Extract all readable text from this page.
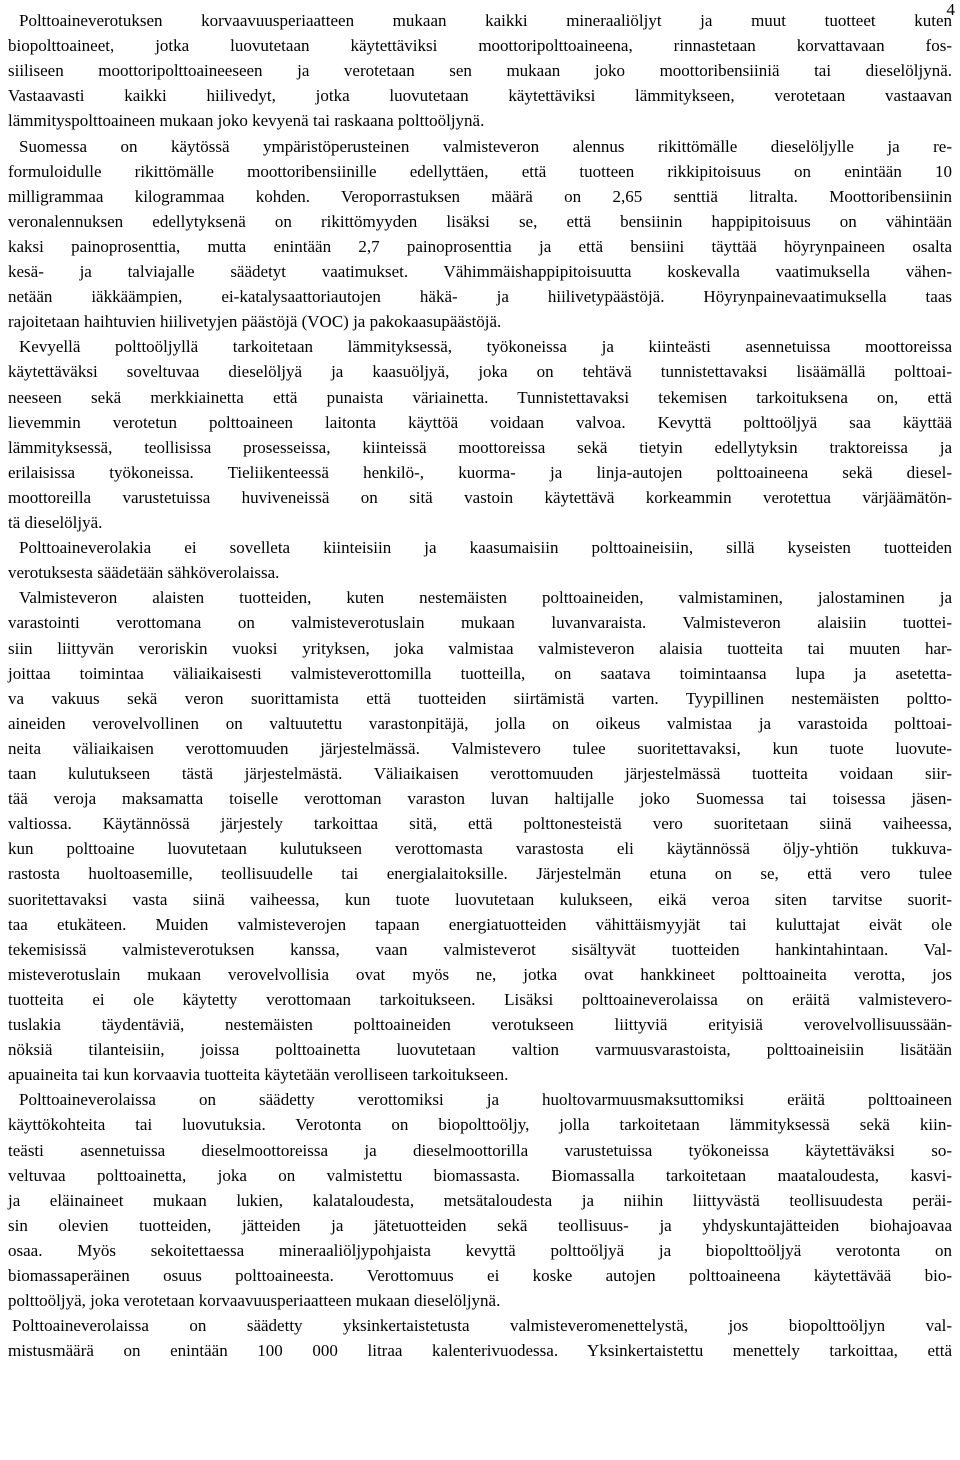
4
Polttoaineverotuksen korvaavuusperiaatteen mukaan kaikki mineraaliöljyt ja muut tuotteet kuten
biopolttoaineet, jotka luovutetaan käytettäviksi moottoripolttoaineena, rinnastetaan korvattavaan fos-
siiliseen moottoripolttoaineeseen ja verotetaan sen mukaan joko moottoribensiiniä tai dieselöljynä.
Vastaavasti kaikki hiilivedyt, jotka luovutetaan käytettäviksi lämmitykseen, verotetaan vastaavan
lämmityspolttoaineen mukaan joko kevyenä tai raskaana polttoöljynä.
Suomessa on käytössä ympäristöperusteinen valmisteveron alennus rikittömälle dieselöljylle ja re-
formuloidulle rikittömälle moottoribensiinille edellyttäen, että tuotteen rikkipitoisuus on enintään 10
milligrammaa kilogrammaa kohden. Veroporrastuksen määrä on 2,65 senttiä litralta. Moottoribensiinin
veronalennuksen edellytyksenä on rikittömyyden lisäksi se, että bensiinin happipitoisuus on vähintään
kaksi painoprosenttia, mutta enintään 2,7 painoprosenttia ja että bensiini täyttää höyrynpaineen osalta
kesä- ja talviajalle säädetyt vaatimukset. Vähimmäishappipitoisuutta koskevalla vaatimuksella vähen-
netään iäkkäämpien, ei-katalysaattoriautojen häkä- ja hiilivetypäästöjä. Höyrynpainevaatimuksella taas
rajoitetaan haihtuvien hiilivetyjen päästöjä (VOC) ja pakokaasupäästöjä.
Kevyellä polttoöljyllä tarkoitetaan lämmityksessä, työkoneissa ja kiinteästi asennetuissa moottoreissa
käytettäväksi soveltuvaa dieselöljyä ja kaasuöljyä, joka on tehtävä tunnistettavaksi lisäämällä polttoai-
neeseen sekä merkkiainetta että punaista väriainetta. Tunnistettavaksi tekemisen tarkoituksena on, että
lievemmin verotetun polttoaineen laitonta käyttöä voidaan valvoa. Kevyttä polttoöljyä saa käyttää
lämmityksessä, teollisissa prosesseissa, kiinteissä moottoreissa sekä tietyin edellytyksin traktoreissa ja
erilaisissa työkoneissa. Tieliikenteessä henkilö-, kuorma- ja linja-autojen polttoaineena sekä diesel-
moottoreilla varustetuissa huviveneissä on sitä vastoin käytettävä korkeammin verotettua värjäämätön-
tä dieselöljyä.
Polttoaineverolakia ei sovelleta kiinteisiin ja kaasumaisiin polttoaineisiin, sillä kyseisten tuotteiden
verotuksesta säädetään sähköverolaissa.
Valmisteveron alaisten tuotteiden, kuten nestemäisten polttoaineiden, valmistaminen, jalostaminen ja
varastointi verottomana on valmisteverotuslain mukaan luvanvaraista. Valmisteveron alaisiin tuottei-
siin liittyvän veroriskin vuoksi yrityksen, joka valmistaa valmisteveron alaisia tuotteita tai muuten har-
joittaa toimintaa väliaikaisesti valmisteverottomilla tuotteilla, on saatava toimintaansa lupa ja asetetta-
va vakuus sekä veron suorittamista että tuotteiden siirtämistä varten. Tyypillinen nestemäisten poltto-
aineiden verovelvollinen on valtuutettu varastonpitäjä, jolla on oikeus valmistaa ja varastoida polttoai-
neita väliaikaisen verottomuuden järjestelmässä. Valmistevero tulee suoritettavaksi, kun tuote luovute-
taan kulutukseen tästä järjestelmästä. Väliaikaisen verottomuuden järjestelmässä tuotteita voidaan siir-
tää veroja maksamatta toiselle verottoman varaston luvan haltijalle joko Suomessa tai toisessa jäsen-
valtiossa. Käytännössä järjestely tarkoittaa sitä, että polttonesteistä vero suoritetaan siinä vaiheessa,
kun polttoaine luovutetaan kulutukseen verottomasta varastosta eli käytännössä öljy-yhtiön tukkuva-
rastosta huoltoasemille, teollisuudelle tai energialaitoksille. Järjestelmän etuna on se, että vero tulee
suoritettavaksi vasta siinä vaiheessa, kun tuote luovutetaan kulukseen, eikä veroa siten tarvitse suorit-
taa etukäteen. Muiden valmisteverojen tapaan energiatuotteiden vähittäismyyjät tai kuluttajat eivät ole
tekemisissä valmisteverotuksen kanssa, vaan valmisteverot sisältyvät tuotteiden hankintahintaan. Val-
misteverotuslain mukaan verovelvollisia ovat myös ne, jotka ovat hankkineet polttoaineita verotta, jos
tuotteita ei ole käytetty verottomaan tarkoitukseen. Lisäksi polttoaineverolaissa on eräitä valmistevero-
tuslakia täydentäviä, nestemäisten polttoaineiden verotukseen liittyviä erityisiä verovelvollisuussään-
nöksiä tilanteisiin, joissa polttoainetta luovutetaan valtion varmuusvarastoista, polttoaineisiin lisätään
apuaineita tai kun korvaavia tuotteita käytetään verolliseen tarkoitukseen.
Polttoaineverolaissa on säädetty verottomiksi ja huoltovarmuusmaksuttomiksi eräitä polttoaineen
käyttökohteita tai luovutuksia. Verotonta on biopolttoöljy, jolla tarkoitetaan lämmityksessä sekä kiin-
teästi asennetuissa dieselmoottoreissa ja dieselmoottorilla varustetuissa työkoneissa käytettäväksi so-
veltuvaa polttoainetta, joka on valmistettu biomassasta. Biomassalla tarkoitetaan maataloudesta, kasvi-
ja eläinaineet mukaan lukien, kalataloudesta, metsätaloudesta ja niihin liittyvästä teollisuudesta peräi-
sin olevien tuotteiden, jätteiden ja jätetuotteiden sekä teollisuus- ja yhdyskuntajätteiden biohajoavaa
osaa. Myös sekoitettaessa mineraaliöljypohjaista kevyttä polttoöljyä ja biopolttoöljyä verotonta on
biomassaperäinen osuus polttoaineesta. Verottomuus ei koske autojen polttoaineena käytettävää bio-
polttoöljyä, joka verotetaan korvaavuusperiaatteen mukaan dieselöljynä.
Polttoaineverolaissa on säädetty yksinkertaistetusta valmisteveromenettelystä, jos biopolttoöljyn val-
mistusmäärä on enintään 100 000 litraa kalenterivuodessa. Yksinkertaistettu menettely tarkoittaa, että
